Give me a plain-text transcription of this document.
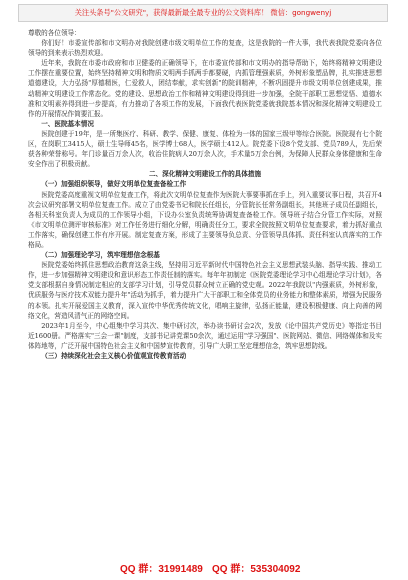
关注头条号"公文研究"，获得最新最全最专业的公文资料库！ 微信：gongwenyj

尊敬的各位领导：

你们好！市委宣传部和市文明办对我院创建市级文明单位工作的复查，这是我院的一件大事，我代表我院党委向各位领导的到来表示热烈欢迎。

近年来，我院在市委市政府和市卫健委的正确领导下，在市委宣传部和市文明办的指导帮助下，始终将精神文明建设工作摆在重要位置，始终坚持精神文明和物质文明两手抓两手都要硬，内抓管理强素质，外树形象塑品牌，扎实推进思想道德建设，大力弘扬"厚德精医，仁爱救人，团结奉献，求实创新"的院训精神，不断巩固提升市级文明单位创建成果，推动精神文明建设工作常态化。党的建设、思想政治工作和精神文明建设得到进一步加强，全院干部职工思想觉悟、道德水准和文明素养得到进一步提高，有力推动了各项工作的发展，下面我代表医院党委就我院基本情况和深化精神文明建设工作的开展情况作简要汇报。

一、医院基本情况

医院创建于19年，是一所集医疗、科研、教学、保健、康复、体检为一体的国家三级甲等综合医院。医院现有七个院区，在岗职工3415人，硕士生导师45名，医学博士68人，医学硕士412人。院党委下设8个党支部、党员789人，先后荣获各种荣誉称号。年门诊量百万余人次，收治住院病人20万余人次，手术量5万余台例，为保障人民群众身体健康和生命安全作出了积极贡献。

二、深化精神文明建设工作的具体措施

（一）加强组织领导，做好文明单位复查备检工作

医院党委高度重视文明单位复查工作，将此次文明单位复查作为医院大事要事抓在手上，列入重要议事日程，共召开4次会议研究部署文明单位复查工作。成立了由党委书记和院长任组长，分管院长任常务副组长，其他班子成员任副组长，各相关科室负责人为成员的工作领导小组，下设办公室负责统筹协调复查备检工作。领导班子结合分管工作实际，对照《市文明单位测评审核标准》对工作任务进行细化分解，明确责任分工，要求全院按照文明单位复查要求，着力抓好重点工作落实，确保创建工作有序开展。制定复查方案，形成了主要领导负总责、分管领导具体抓、责任科室认真落实的工作格局。

（二）加强理论学习，筑牢理想信念根基

医院党委始终抓住思想政治教育这条主线，坚持用习近平新时代中国特色社会主义思想武装头脑、指导实践、推动工作，进一步加强精神文明建设和意识形态工作责任制的落实。每年年初制定《医院党委理论学习中心组理论学习计划》，各党支部根据自身情况制定相应的支部学习计划，引导党员群众树立正确的党史观。2022年我院以"内强素质，外树形象，优质服务与医疗技术双能力提升年"活动为抓手，着力提升广大干部职工和全体党员的业务能力和整体素质，增强为民服务的本领。扎实开展爱国主义教育，深入宣传中华优秀传统文化，唱响主旋律，弘扬正能量，建设积极健康、向上向善的网络文化，营造风清气正的网络空间。

2023年1月至今，中心组集中学习共次、集中研讨次，举办读书研讨会2次，发放《论中国共产党历史》等指定书目近1600册。严格落实"三会一课"制度，支部书记讲党课50余次，通过运用"学习强国"、医院网站、微信、网络媒体和及实体阵地等，广泛开展中国特色社会主义和中国梦宣传教育，引导广大职工坚定理想信念，筑牢思想防线。

（三）持续深化社会主义核心价值观宣传教育活动

QQ 群：31991489 QQ 群：535304092
